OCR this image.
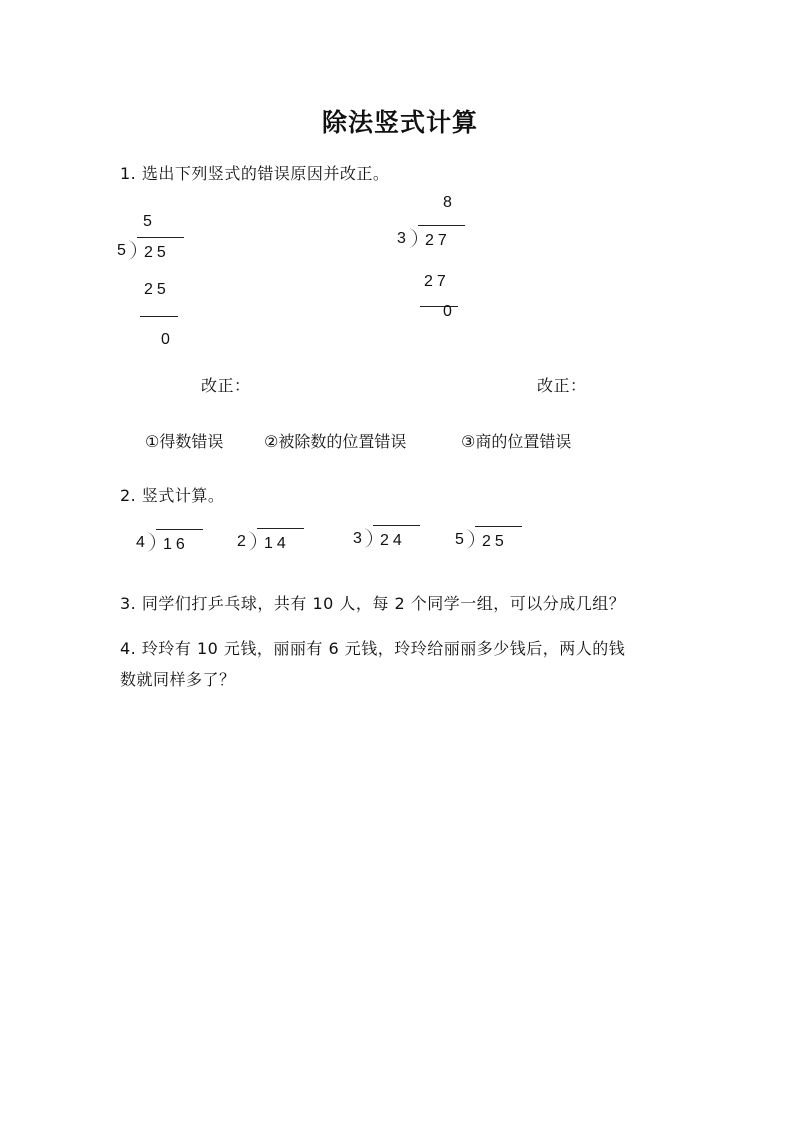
除法竖式计算
1. 选出下列竖式的错误原因并改正。
5
5 25
25
0
8
3 27
27
0
改正：	改正：
①得数错误	②被除数的位置错误	③商的位置错误
2. 竖式计算。
4 16	2 14	3 24	5 25
3. 同学们打乒乓球，共有 10 人，每 2 个同学一组，可以分成几组？
4. 玲玲有 10 元钱，丽丽有 6 元钱，玲玲给丽丽多少钱后，两人的钱
数就同样多了？
